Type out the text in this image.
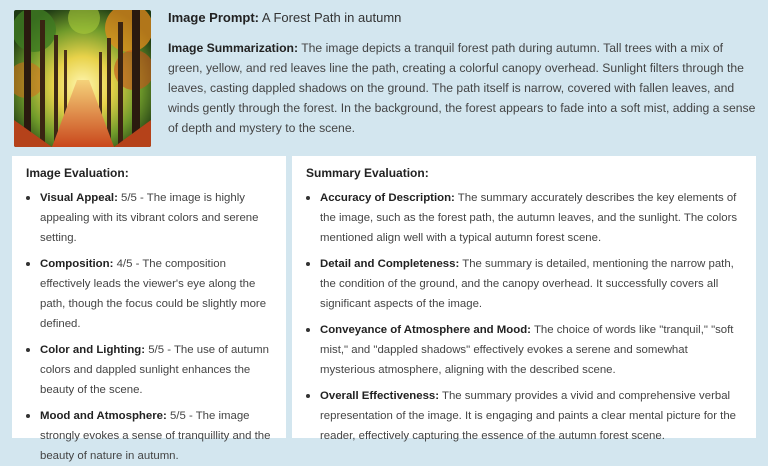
Image Prompt: A Forest Path in autumn
Image Summarization: The image depicts a tranquil forest path during autumn. Tall trees with a mix of green, yellow, and red leaves line the path, creating a colorful canopy overhead. Sunlight filters through the leaves, casting dappled shadows on the ground. The path itself is narrow, covered with fallen leaves, and winds gently through the forest. In the background, the forest appears to fade into a soft mist, adding a sense of depth and mystery to the scene.
Image Evaluation:
Visual Appeal: 5/5 - The image is highly appealing with its vibrant colors and serene setting.
Composition: 4/5 - The composition effectively leads the viewer's eye along the path, though the focus could be slightly more defined.
Color and Lighting: 5/5 - The use of autumn colors and dappled sunlight enhances the beauty of the scene.
Mood and Atmosphere: 5/5 - The image strongly evokes a sense of tranquillity and the beauty of nature in autumn.
Summary Evaluation:
Accuracy of Description: The summary accurately describes the key elements of the image, such as the forest path, the autumn leaves, and the sunlight. The colors mentioned align well with a typical autumn forest scene.
Detail and Completeness: The summary is detailed, mentioning the narrow path, the condition of the ground, and the canopy overhead. It successfully covers all significant aspects of the image.
Conveyance of Atmosphere and Mood: The choice of words like "tranquil," "soft mist," and "dappled shadows" effectively evokes a serene and somewhat mysterious atmosphere, aligning with the described scene.
Overall Effectiveness: The summary provides a vivid and comprehensive verbal representation of the image. It is engaging and paints a clear mental picture for the reader, effectively capturing the essence of the autumn forest scene.
